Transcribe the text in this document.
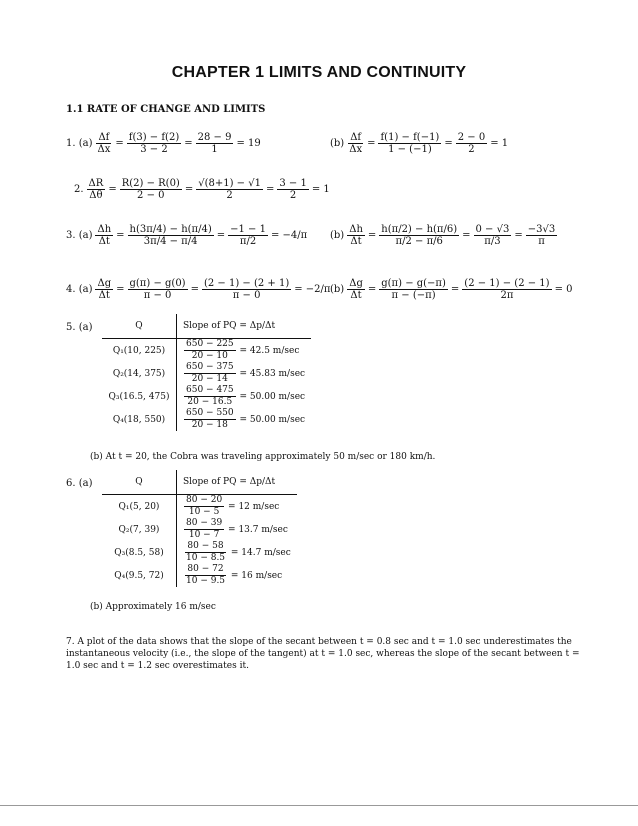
CHAPTER 1 LIMITS AND CONTINUITY
1.1 RATE OF CHANGE AND LIMITS
1. $(a) \frac{\Delta f}{\Delta x} = \frac{f(3) - f(2)}{3 - 2} = \frac{28 - 9}{1} = 19$	$(b) \frac{\Delta f}{\Delta x} = \frac{f(1) - f(-1)}{1 - (-1)} = \frac{2 - 0}{2} = 1$
2. $\frac{\Delta R}{\Delta\theta} = \frac{R(2) - R(0)}{2 - 0} = \frac{√(8+1) - √1}{2} = \frac{3 - 1}{2} = 1$
3. $(a) \frac{\Delta h}{\Delta t} = \frac{h(3\pi/4) - h(\pi/4)}{3\pi/4 - \pi/4} = \frac{-1 - 1}{\pi/2} = -4/\pi$ $(b) \frac{\Delta h}{\Delta t} = \frac{h(\pi/2) - h(\pi/6)}{\pi/2 - \pi/6} = \frac{0 - √3}{\pi/3} = \frac{-3√3}{\pi}$
4. $(a) \frac{\Delta g}{\Delta t} = \frac{g(\pi) - g(0)}{\pi - 0} = \frac{(2 - 1) - (2 + 1)}{\pi - 0} = -2/\pi$ $(b) \frac{\Delta g}{\Delta t} = \frac{g(\pi) - g(-\pi)}{\pi - (-\pi)} = \frac{(2 - 1) - (2 - 1)}{2\pi} = 0$
5. (a)	Q	Slope of PQ = Δp/Δt
Q₁(10, 225)	$\frac{650 - 225}{20 - 10} = 42.5$ m/sec
Q₂(14, 375)	$\frac{650 - 375}{20 - 14} = 45.83$ m/sec
Q₃(16.5, 475)	$\frac{650 - 475}{20 - 16.5} = 50.00$ m/sec
Q₄(18, 550)	$\frac{650 - 550}{20 - 18} = 50.00$ m/sec
(b) At t = 20, the Cobra was traveling approximately 50 m/sec or 180 km/h.
6. (a)	Q	Slope of PQ = Δp/Δt
Q₁(5, 20)	$\frac{80 - 20}{10 - 5} = 12$ m/sec
Q₂(7, 39)	$\frac{80 - 39}{10 - 7} = 13.7$ m/sec
Q₃(8.5, 58)	$\frac{80 - 58}{10 - 8.5} = 14.7$ m/sec
Q₄(9.5, 72)	$\frac{80 - 72}{10 - 9.5} = 16$ m/sec
(b) Approximately 16 m/sec
7. A plot of the data shows that the slope of the secant between t = 0.8 sec and t = 1.0 sec underestimates the instantaneous velocity (i.e., the slope of the tangent) at t = 1.0 sec, whereas the slope of the secant between t = 1.0 sec and t = 1.2 sec overestimates it.
